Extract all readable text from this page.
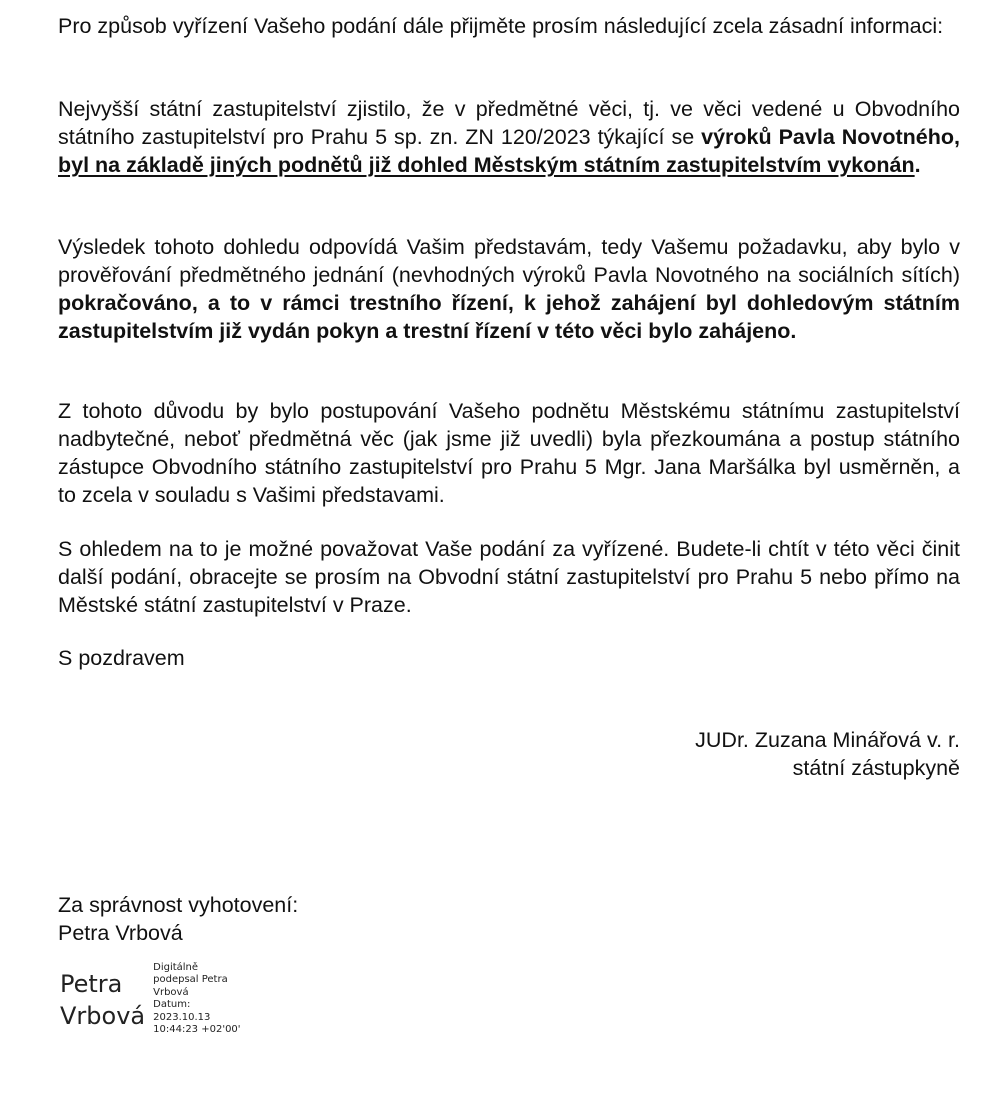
Pro způsob vyřízení Vašeho podání dále přijměte prosím následující zcela zásadní informaci:

Nejvyšší státní zastupitelství zjistilo, že v předmětné věci, tj. ve věci vedené u Obvodního státního zastupitelství pro Prahu 5 sp. zn. ZN 120/2023 týkající se výroků Pavla Novotného, byl na základě jiných podnětů již dohled Městským státním zastupitelstvím vykonán.

Výsledek tohoto dohledu odpovídá Vašim představám, tedy Vašemu požadavku, aby bylo v prověřování předmětného jednání (nevhodných výroků Pavla Novotného na sociálních sítích) pokračováno, a to v rámci trestního řízení, k jehož zahájení byl dohledovým státním zastupitelstvím již vydán pokyn a trestní řízení v této věci bylo zahájeno.

Z tohoto důvodu by bylo postupování Vašeho podnětu Městskému státnímu zastupitelství nadbytečné, neboť předmětná věc (jak jsme již uvedli) byla přezkoumána a postup státního zástupce Obvodního státního zastupitelství pro Prahu 5 Mgr. Jana Maršálka byl usměrněn, a to zcela v souladu s Vašimi představami.

S ohledem na to je možné považovat Vaše podání za vyřízené. Budete-li chtít v této věci činit další podání, obracejte se prosím na Obvodní státní zastupitelství pro Prahu 5 nebo přímo na Městské státní zastupitelství v Praze.

S pozdravem

JUDr. Zuzana Minářová v. r.
státní zástupkyně
Za správnost vyhotovení:
Petra Vrbová
Petra
Vrbová
Digitálně
podepsal Petra
Vrbová
Datum:
2023.10.13
10:44:23 +02'00'
